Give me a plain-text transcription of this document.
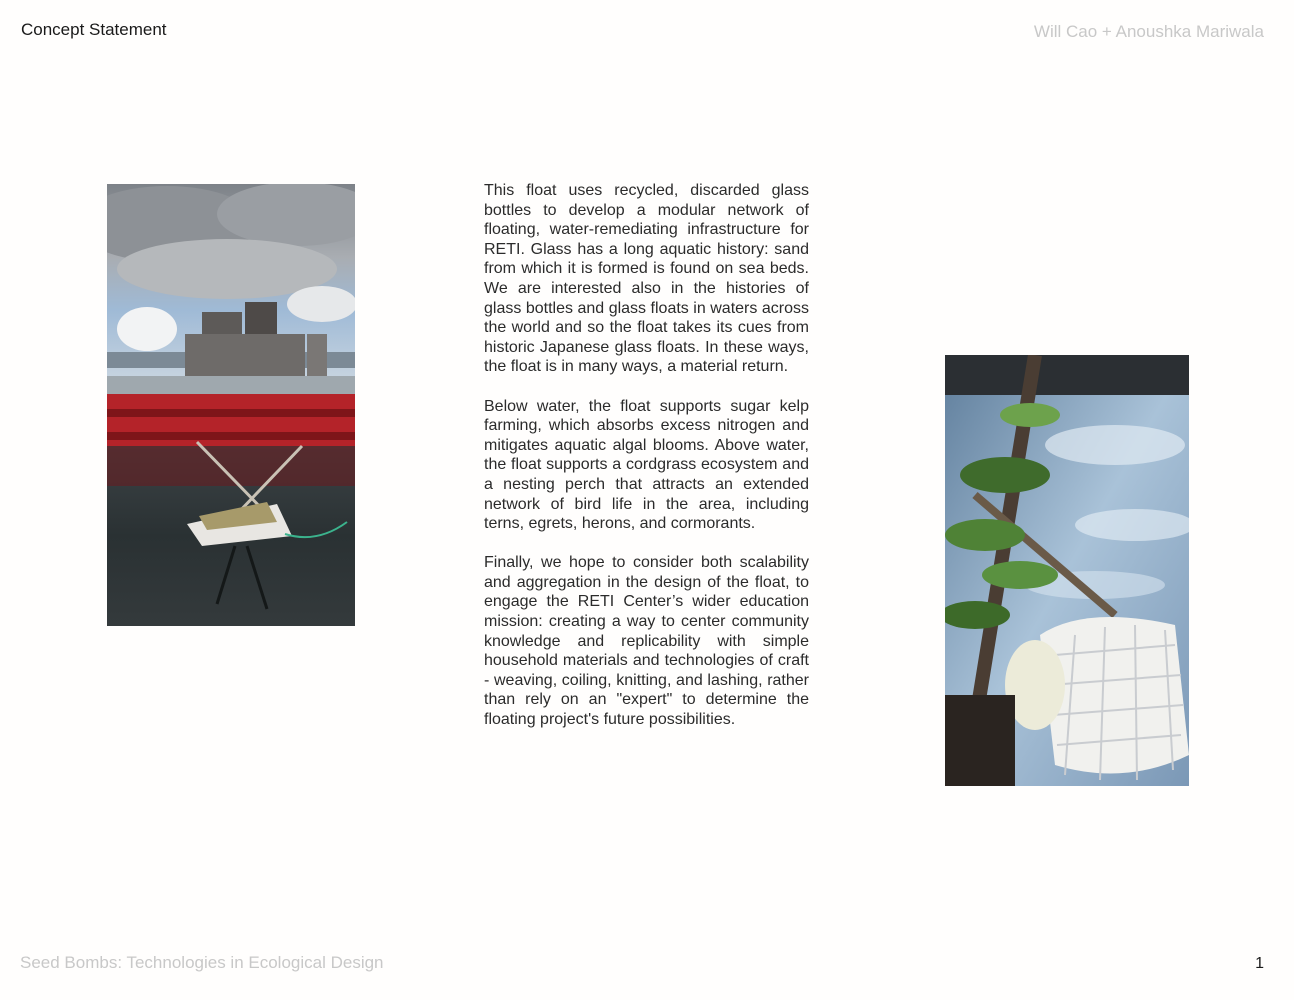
Concept Statement	Will Cao + Anoushka Mariwala

This float uses recycled, discarded glass bottles to develop a modular network of floating, water-remediating infrastructure for RETI. Glass has a long aquatic history: sand from which it is formed is found on sea beds. We are interested also in the histories of glass bottles and glass floats in waters across the world and so the float takes its cues from historic Japanese glass floats. In these ways, the float is in many ways, a material return.

Below water, the float supports sugar kelp farming, which absorbs excess nitrogen and mitigates aquatic algal blooms. Above water, the float supports a cordgrass ecosystem and a nesting perch that attracts an extended network of bird life in the area, including terns, egrets, herons, and cormorants.

Finally, we hope to consider both scalability and aggregation in the design of the float, to engage the RETI Center’s wider education mission: creating a way to center community knowledge and replicability with simple household materials and technologies of craft - weaving, coiling, knitting, and lashing, rather than rely on an "expert" to determine the floating project's future possibilities.

Seed Bombs: Technologies in Ecological Design	1
